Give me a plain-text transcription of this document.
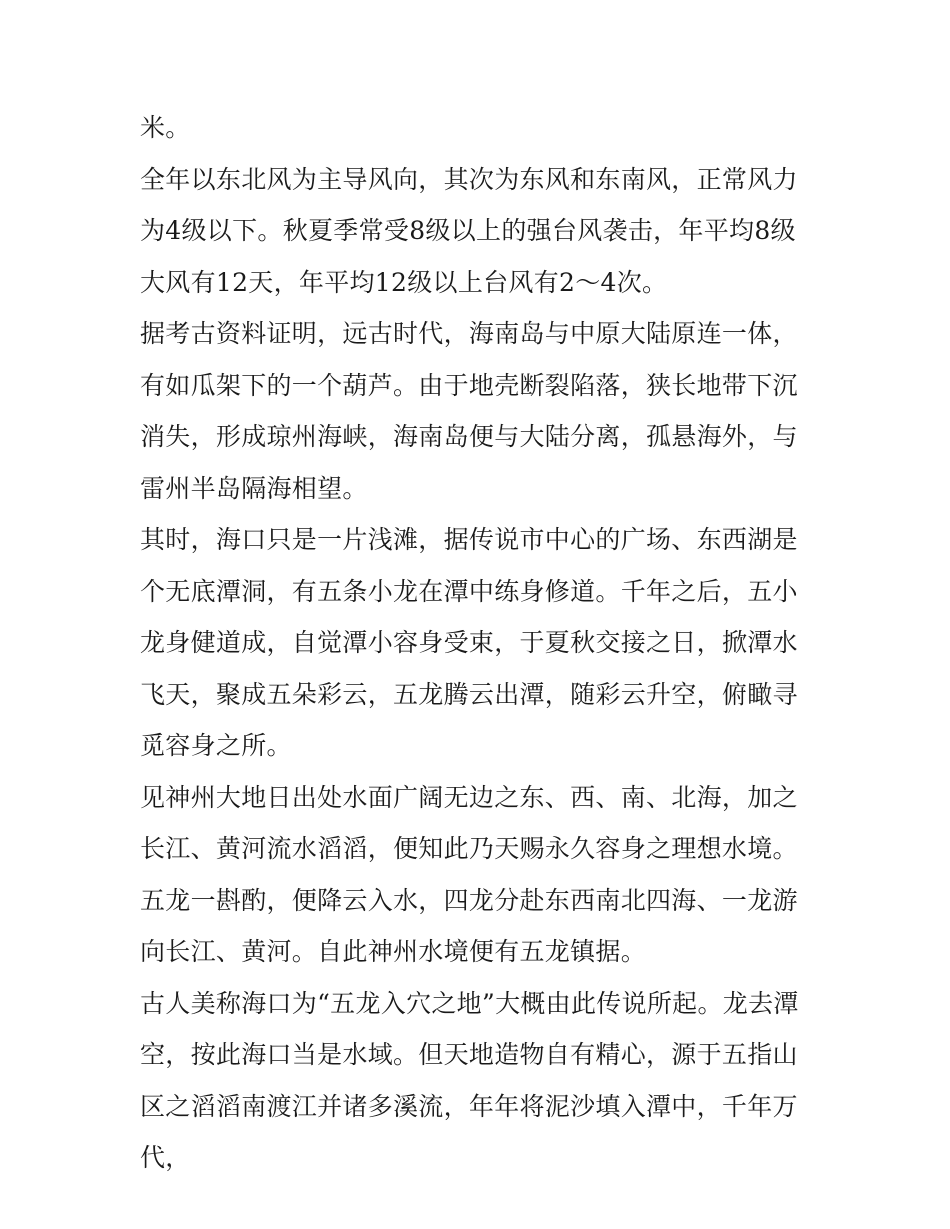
米。

全年以东北风为主导风向，其次为东风和东南风，正常风力为4级以下。秋夏季常受8级以上的强台风袭击，年平均8级大风有12天，年平均12级以上台风有2～4次。

据考古资料证明，远古时代，海南岛与中原大陆原连一体，有如瓜架下的一个葫芦。由于地壳断裂陷落，狭长地带下沉消失，形成琼州海峡，海南岛便与大陆分离，孤悬海外，与雷州半岛隔海相望。

其时，海口只是一片浅滩，据传说市中心的广场、东西湖是个无底潭洞，有五条小龙在潭中练身修道。千年之后，五小龙身健道成，自觉潭小容身受束，于夏秋交接之日，掀潭水飞天，聚成五朵彩云，五龙腾云出潭，随彩云升空，俯瞰寻觅容身之所。

见神州大地日出处水面广阔无边之东、西、南、北海，加之长江、黄河流水滔滔，便知此乃天赐永久容身之理想水境。五龙一斟酌，便降云入水，四龙分赴东西南北四海、一龙游向长江、黄河。自此神州水境便有五龙镇据。

古人美称海口为“五龙入穴之地”大概由此传说所起。龙去潭空，按此海口当是水域。但天地造物自有精心，源于五指山区之滔滔南渡江并诸多溪流，年年将泥沙填入潭中，千年万代，
